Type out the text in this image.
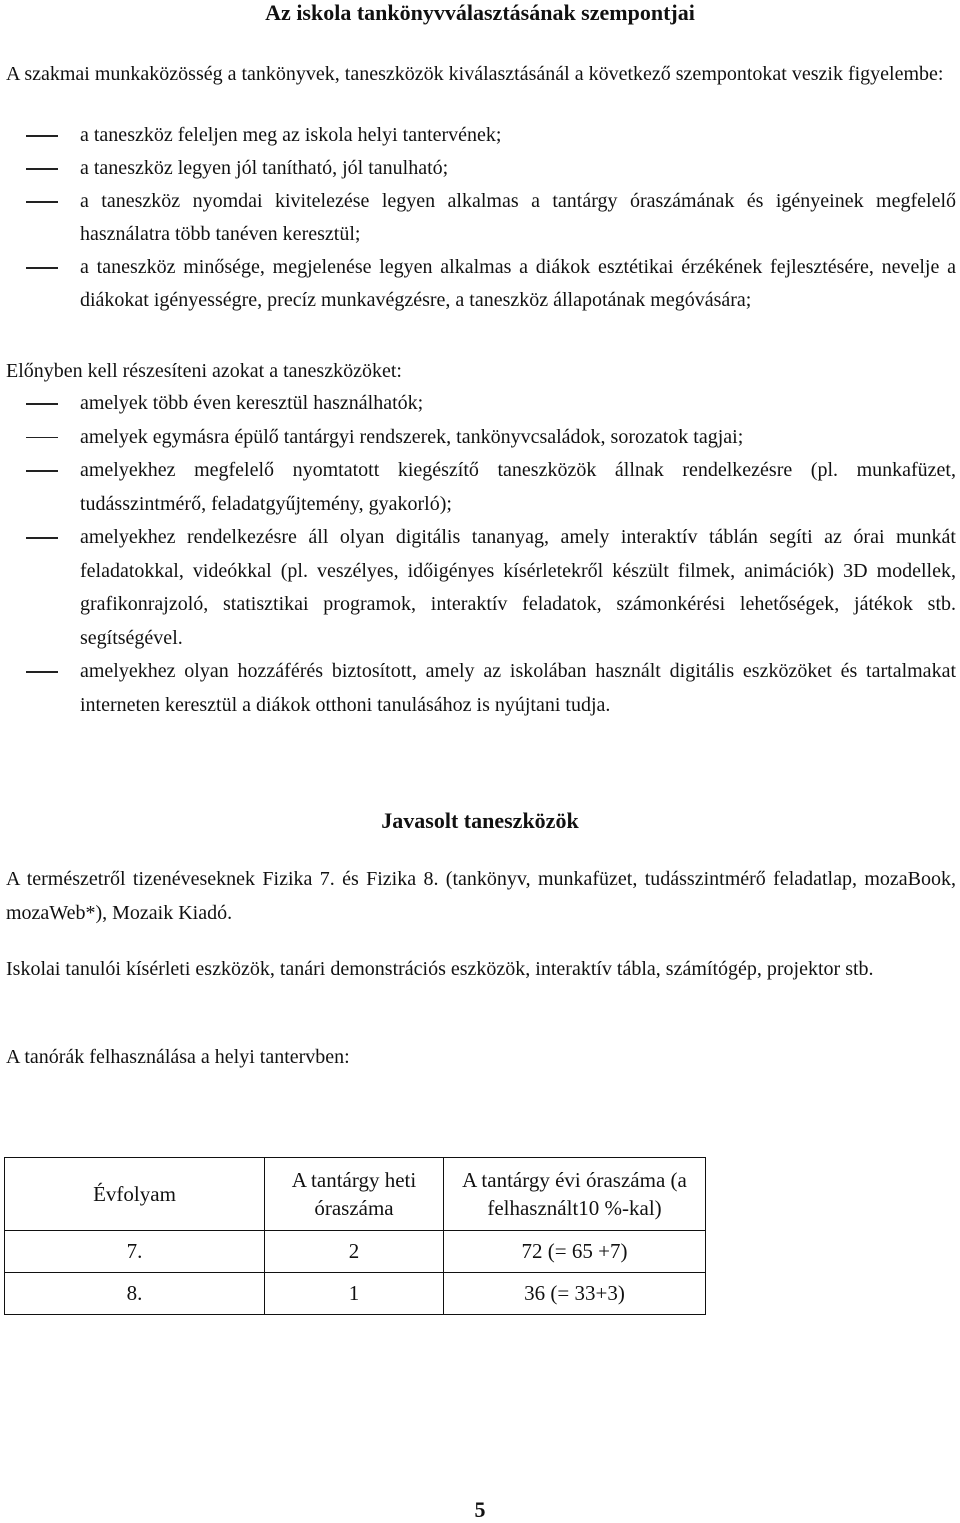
Az iskola tankönyvválasztásának szempontjai

A szakmai munkaközösség a tankönyvek, taneszközök kiválasztásánál a következő szempontokat veszik figyelembe:

a taneszköz feleljen meg az iskola helyi tantervének;
a taneszköz legyen jól tanítható, jól tanulható;
a taneszköz nyomdai kivitelezése legyen alkalmas a tantárgy óraszámának és igényeinek megfelelő használatra több tanéven keresztül;
a taneszköz minősége, megjelenése legyen alkalmas a diákok esztétikai érzékének fejlesztésére, nevelje a diákokat igényességre, precíz munkavégzésre, a taneszköz állapotának megóvására;

Előnyben kell részesíteni azokat a taneszközöket:

amelyek több éven keresztül használhatók;
amelyek egymásra épülő tantárgyi rendszerek, tankönyvcsaládok, sorozatok tagjai;
amelyekhez megfelelő nyomtatott kiegészítő taneszközök állnak rendelkezésre (pl. munkafüzet, tudásszintmérő, feladatgyűjtemény, gyakorló);
amelyekhez rendelkezésre áll olyan digitális tananyag, amely interaktív táblán segíti az órai munkát feladatokkal, videókkal (pl. veszélyes, időigényes kísérletekről készült filmek, animációk) 3D modellek, grafikonrajzoló, statisztikai programok, interaktív feladatok, számonkérési lehetőségek, játékok stb. segítségével.
amelyekhez olyan hozzáférés biztosított, amely az iskolában használt digitális eszközöket és tartalmakat interneten keresztül a diákok otthoni tanulásához is nyújtani tudja.
Javasolt taneszközök

A természetről tizenéveseknek Fizika 7. és Fizika 8. (tankönyv, munkafüzet, tudásszintmérő feladatlap, mozaBook, mozaWeb*), Mozaik Kiadó.

Iskolai tanulói kísérleti eszközök, tanári demonstrációs eszközök, interaktív tábla, számítógép, projektor stb.

A tanórák felhasználása a helyi tantervben:

Évfolyam	A tantárgy heti óraszáma	A tantárgy évi óraszáma (a felhasznált10 %-kal)
7.	2	72 (= 65 +7)
8.	1	36 (= 33+3)
5
